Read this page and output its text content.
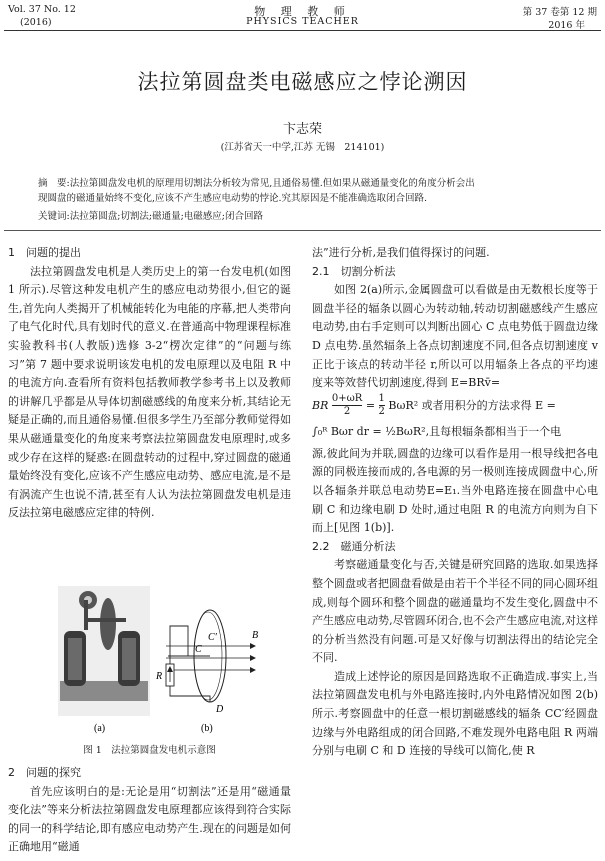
Vol. 37 No. 12
(2016)
物 理 教 师
PHYSICS TEACHER
第 37 卷第 12 期
2016 年
法拉第圆盘类电磁感应之悖论溯因
卞志荣
(江苏省天一中学,江苏 无锡　214101)
摘　要:法拉第圆盘发电机的原理用切割法分析较为常见,且通俗易懂.但如果从磁通量变化的角度分析会出
现圆盘的磁通量始终不变化,应该不产生感应电动势的悖论.究其原因是不能准确选取闭合回路.
关键词:法拉第圆盘;切割法;磁通量;电磁感应;闭合回路

1　问题的提出

法拉第圆盘发电机是人类历史上的第一台发电机(如图 1 所示).尽管这种发电机产生的感应电动势很小,但它的诞生,首先向人类揭开了机械能转化为电能的序幕,把人类带向了电气化时代,具有划时代的意义.在普通高中物理课程标准实验教科书(人教版)选修 3-2“楞次定律”的“问题与练习”第 7 题中要求说明该发电机的发电原理以及电阻 R 中的电流方向.查看所有资料包括教师教学参考书上以及教师的讲解几乎都是从导体切割磁感线的角度来分析,其结论无疑是正确的,而且通俗易懂.但很多学生乃至部分教师觉得如果从磁通量变化的角度来考察法拉第圆盘发电原理时,或多或少存在这样的疑惑:在圆盘转动的过程中,穿过圆盘的磁通量始终没有变化,应该不产生感应电动势、感应电流,是不是有涡流产生也说不清,甚至有人认为法拉第圆盘发电机是违反法拉第电磁感应定律的特例.
R
C
C′
D
B
(a)	(b)
图 1　法拉第圆盘发电机示意图

2　问题的探究

首先应该明白的是:无论是用“切割法”还是用“磁通量变化法”等来分析法拉第圆盘发电原理都应该得到符合实际的同一的科学结论,即有感应电动势产生.现在的问题是如何正确地用“磁通

法”进行分析,是我们值得探讨的问题.

2.1　切割分析法

如图 2(a)所示,金属圆盘可以看做是由无数根长度等于圆盘半径的辐条以圆心为转动轴,转动切割磁感线产生感应电动势,由右手定则可以判断出圆心 C 点电势低于圆盘边缘 D 点电势.虽然辐条上各点切割速度不同,但各点切割速度 v正比于该点的转动半径 r,所以可以用辐条上各点的平均速度来等效替代切割速度,得到 E=BRv̄=
BR $\frac{0+\omega R}{2} = \frac{1}{2} B\omega R^2$ 或者用积分的方法求得 E =
∫₀ᴿ Bωr dr = ½BωR²,且每根辐条都相当于一个电
源,彼此间为并联,圆盘的边缘可以看作是用一根导线把各电源的同极连接而成的,各电源的另一极则连接成圆盘中心,所以各辐条并联总电动势E=E₁.当外电路连接在圆盘中心电刷 C 和边缘电刷 D 处时,通过电阻 R 的电流方向则为自下而上[见图 1(b)].

2.2　磁通分析法

考察磁通量变化与否,关键是研究回路的选取.如果选择整个圆盘或者把圆盘看做是由若干个半径不同的同心圆环组成,则每个圆环和整个圆盘的磁通量均不发生变化,圆盘中不产生感应电动势,尽管圆环闭合,也不会产生感应电流,对这样的分析当然没有问题.可是又好像与切割法得出的结论完全不同.
造成上述悖论的原因是回路选取不正确造成.事实上,当法拉第圆盘发电机与外电路连接时,内外电路情况如图 2(b)所示.考察圆盘中的任意一根切割磁感线的辐条 CC′经圆盘边缘与外电路组成的闭合回路,不难发现外电路电阻 R 两端分别与电刷 C 和 D 连接的导线可以简化,使 R
